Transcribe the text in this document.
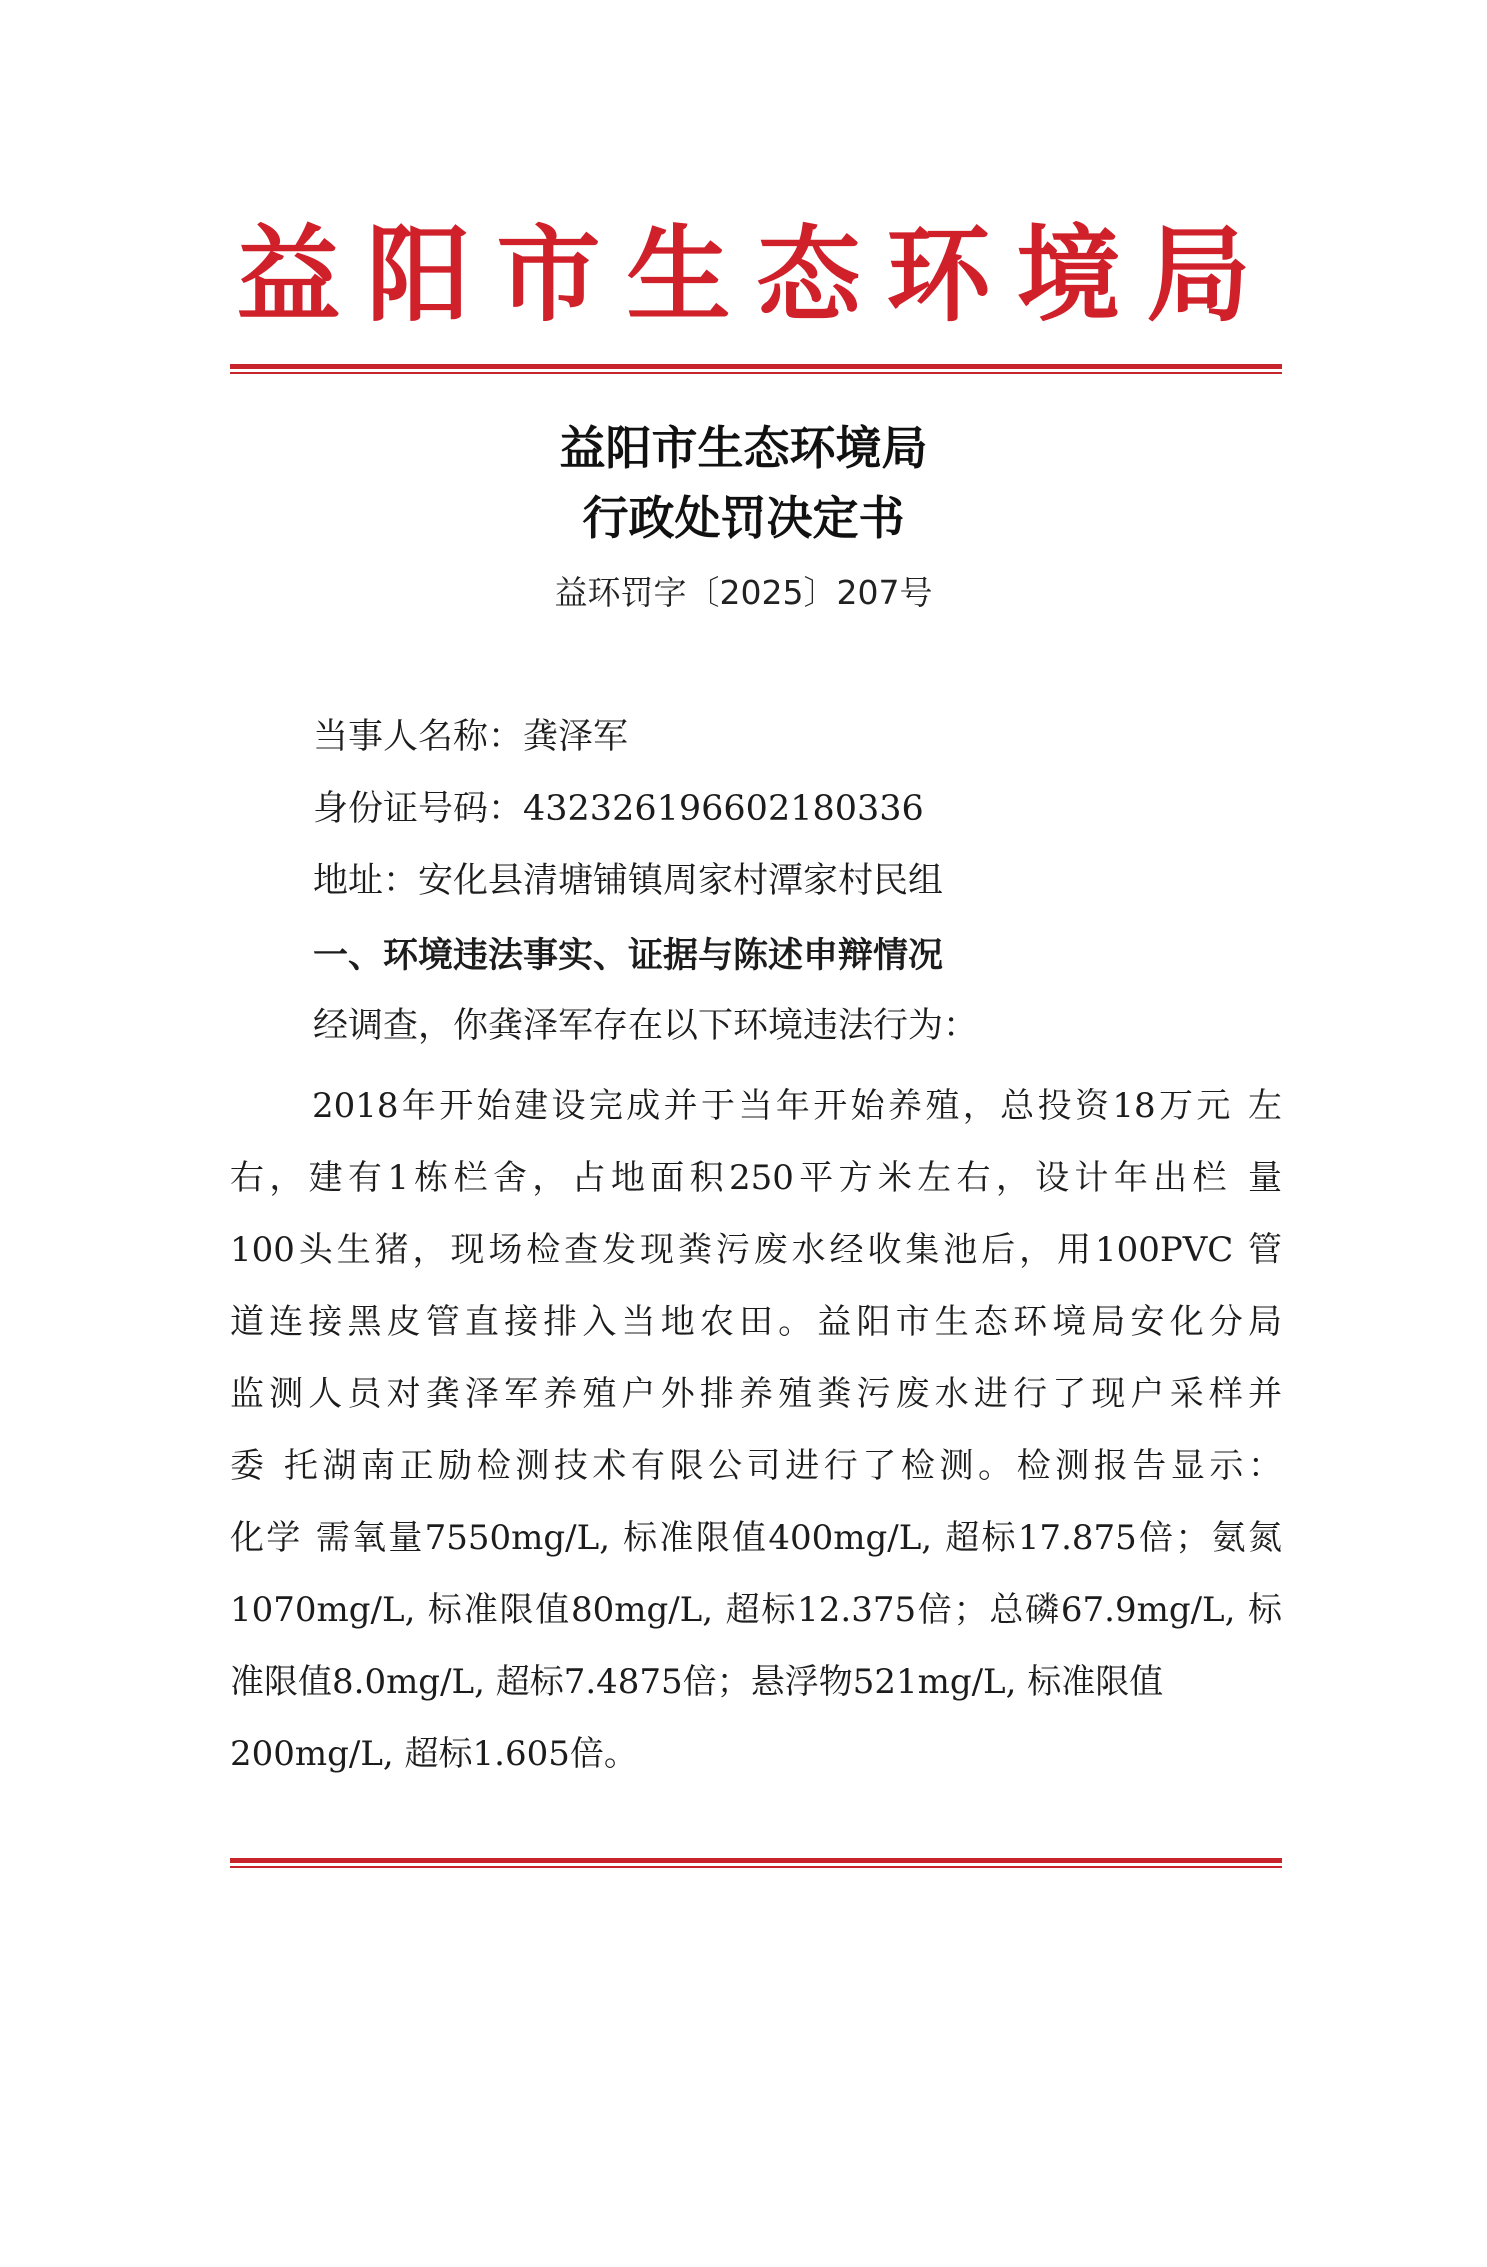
益阳市生态环境局
益阳市生态环境局
行政处罚决定书
益环罚字〔2025〕207号
当事人名称：龚泽军
身份证号码：432326196602180336
地址：安化县清塘铺镇周家村潭家村民组
一、环境违法事实、证据与陈述申辩情况
经调查，你龚泽军存在以下环境违法行为：
2018年开始建设完成并于当年开始养殖，总投资18万元 左
右，建有1栋栏舍，占地面积250平方米左右，设计年出栏 量
100头生猪，现场检查发现粪污废水经收集池后，用100PVC 管
道连接黑皮管直接排入当地农田。益阳市生态环境局安化分局
监测人员对龚泽军养殖户外排养殖粪污废水进行了现户采样并
委 托湖南正励检测技术有限公司进行了检测。检测报告显示：
化学 需氧量7550mg/L, 标准限值400mg/L, 超标17.875倍；氨氮
1070mg/L, 标准限值80mg/L, 超标12.375倍；总磷67.9mg/L, 标
准限值8.0mg/L, 超标7.4875倍；悬浮物521mg/L, 标准限值
200mg/L, 超标1.605倍。
